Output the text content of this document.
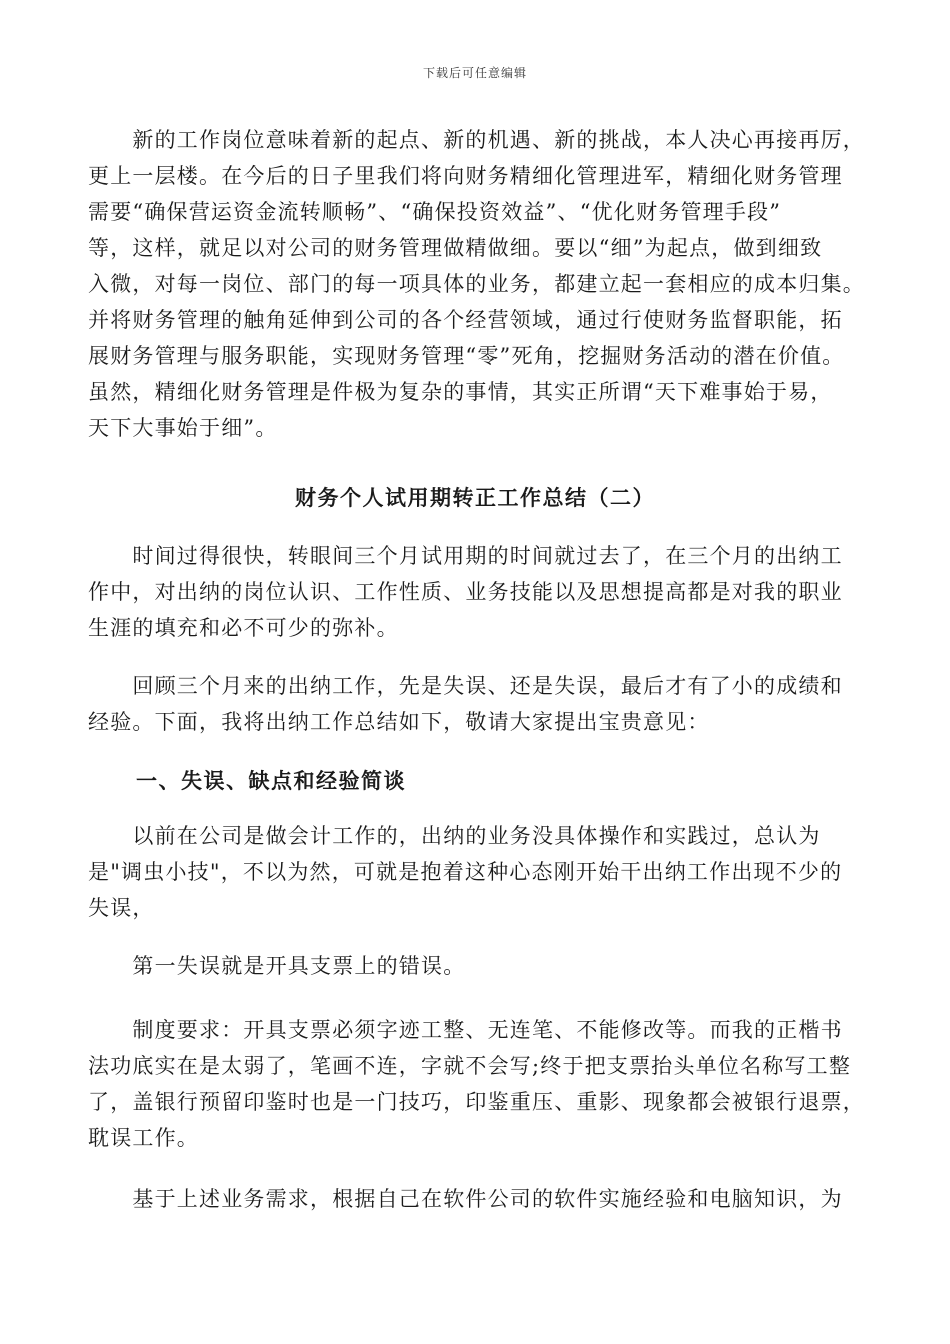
下载后可任意编辑

　　新的工作岗位意味着新的起点、新的机遇、新的挑战，本人决心再接再厉，
更上一层楼。在今后的日子里我们将向财务精细化管理进军，精细化财务管理
需要“确保营运资金流转顺畅”、“确保投资效益”、“优化财务管理手段”
等，这样，就足以对公司的财务管理做精做细。要以“细”为起点，做到细致
入微，对每一岗位、部门的每一项具体的业务，都建立起一套相应的成本归集。
并将财务管理的触角延伸到公司的各个经营领域，通过行使财务监督职能，拓
展财务管理与服务职能，实现财务管理“零”死角，挖掘财务活动的潜在价值。
虽然，精细化财务管理是件极为复杂的事情，其实正所谓“天下难事始于易，
天下大事始于细”。

财务个人试用期转正工作总结（二）

　　时间过得很快，转眼间三个月试用期的时间就过去了，在三个月的出纳工
作中，对出纳的岗位认识、工作性质、业务技能以及思想提高都是对我的职业
生涯的填充和必不可少的弥补。

　　回顾三个月来的出纳工作，先是失误、还是失误，最后才有了小的成绩和
经验。下面，我将出纳工作总结如下，敬请大家提出宝贵意见：

一、失误、缺点和经验简谈

　　以前在公司是做会计工作的，出纳的业务没具体操作和实践过，总认为
是"调虫小技"，不以为然，可就是抱着这种心态刚开始干出纳工作出现不少的
失误，

　　第一失误就是开具支票上的错误。

　　制度要求：开具支票必须字迹工整、无连笔、不能修改等。而我的正楷书
法功底实在是太弱了，笔画不连，字就不会写;终于把支票抬头单位名称写工整
了，盖银行预留印鉴时也是一门技巧，印鉴重压、重影、现象都会被银行退票，
耽误工作。

　　基于上述业务需求，根据自己在软件公司的软件实施经验和电脑知识，为
